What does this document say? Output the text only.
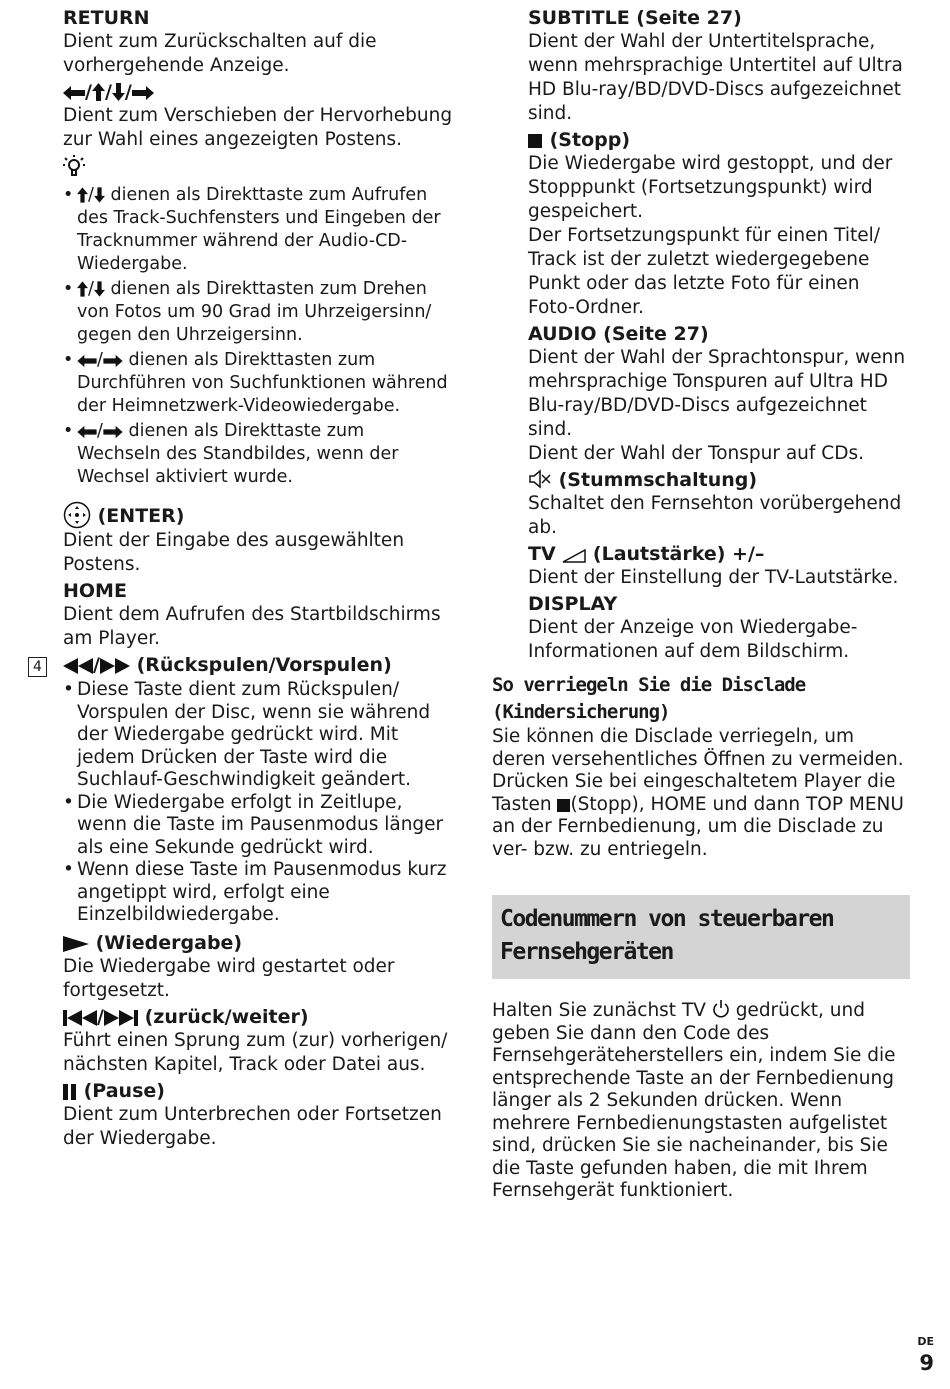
RETURN

Dient zum Zurückschalten auf die vorhergehende Anzeige.

/ / /

Dient zum Verschieben der Hervorhebung zur Wahl eines angezeigten Postens.

• / dienen als Direkttaste zum Aufrufen des Track-Suchfensters und Eingeben der Tracknummer während der Audio-CD-Wiedergabe.
• / dienen als Direkttasten zum Drehen von Fotos um 90 Grad im Uhrzeigersinn/ gegen den Uhrzeigersinn.
• / dienen als Direkttasten zum Durchführen von Suchfunktionen während der Heimnetzwerk-Videowiedergabe.
• / dienen als Direkttaste zum Wechseln des Standbildes, wenn der Wechsel aktiviert wurde.
(ENTER)

Dient der Eingabe des ausgewählten Postens.

HOME

Dient dem Aufrufen des Startbildschirms am Player.

4	/ (Rückspulen/Vorspulen)
• Diese Taste dient zum Rückspulen/ Vorspulen der Disc, wenn sie während der Wiedergabe gedrückt wird. Mit jedem Drücken der Taste wird die Suchlauf-Geschwindigkeit geändert.
• Die Wiedergabe erfolgt in Zeitlupe, wenn die Taste im Pausenmodus länger als eine Sekunde gedrückt wird.
• Wenn diese Taste im Pausenmodus kurz angetippt wird, erfolgt eine Einzelbildwiedergabe.
(Wiedergabe)

Die Wiedergabe wird gestartet oder fortgesetzt.

/ (zurück/weiter)

Führt einen Sprung zum (zur) vorherigen/ nächsten Kapitel, Track oder Datei aus.

(Pause)

Dient zum Unterbrechen oder Fortsetzen der Wiedergabe.

SUBTITLE (Seite 27)

Dient der Wahl der Untertitelsprache, wenn mehrsprachige Untertitel auf Ultra HD Blu-ray/BD/DVD-Discs aufgezeichnet sind.

(Stopp)

Die Wiedergabe wird gestoppt, und der Stopppunkt (Fortsetzungspunkt) wird gespeichert.

Der Fortsetzungspunkt für einen Titel/ Track ist der zuletzt wiedergegebene Punkt oder das letzte Foto für einen Foto-Ordner.

AUDIO (Seite 27)

Dient der Wahl der Sprachtonspur, wenn mehrsprachige Tonspuren auf Ultra HD Blu-ray/BD/DVD-Discs aufgezeichnet sind.

Dient der Wahl der Tonspur auf CDs.

(Stummschaltung)

Schaltet den Fernsehton vorübergehend ab.

TV (Lautstärke) +/–

Dient der Einstellung der TV-Lautstärke.

DISPLAY

Dient der Anzeige von Wiedergabe-Informationen auf dem Bildschirm.

So verriegeln Sie die Disclade (Kindersicherung)

Sie können die Disclade verriegeln, um deren versehentliches Öffnen zu vermeiden.

Drücken Sie bei eingeschaltetem Player die Tasten (Stopp), HOME und dann TOP MENU an der Fernbedienung, um die Disclade zu ver- bzw. zu entriegeln.

Codenummern von steuerbaren Fernsehgeräten

Halten Sie zunächst TV gedrückt, und geben Sie dann den Code des Fernsehgeräteherstellers ein, indem Sie die entsprechende Taste an der Fernbedienung länger als 2 Sekunden drücken. Wenn mehrere Fernbedienungstasten aufgelistet sind, drücken Sie sie nacheinander, bis Sie die Taste gefunden haben, die mit Ihrem Fernsehgerät funktioniert.

DE
9
